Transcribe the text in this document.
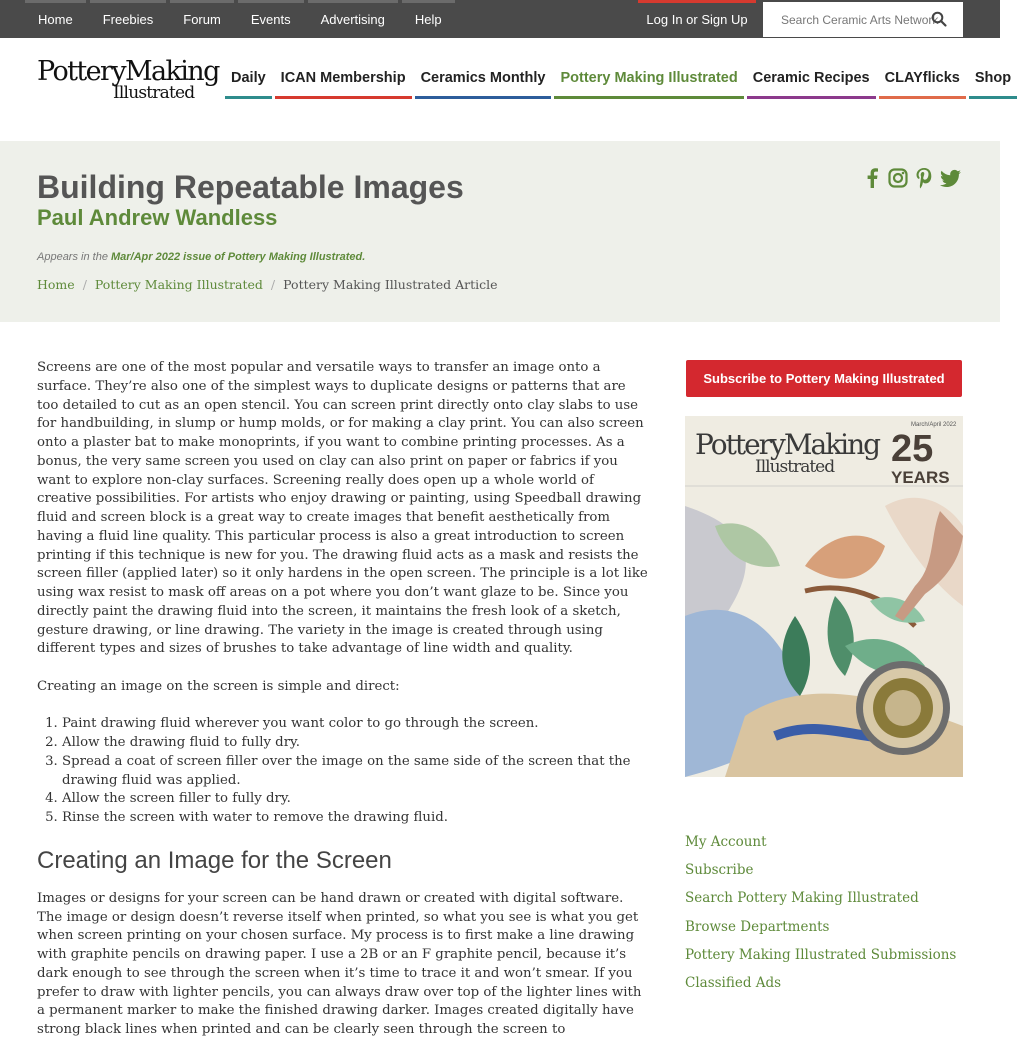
Home	Freebies	Forum	Events	Advertising	Help	Log In or Sign Up
Search Ceramic Arts Network
PotteryMaking
Illustrated
Daily ICAN Membership Ceramics Monthly Pottery Making Illustrated Ceramic Recipes CLAYflicks Shop
Building Repeatable Images
Paul Andrew Wandless
Appears in the Mar/Apr 2022 issue of Pottery Making Illustrated.
Home / Pottery Making Illustrated / Pottery Making Illustrated Article

Screens are one of the most popular and versatile ways to transfer an image onto a surface. They’re also one of the simplest ways to duplicate designs or patterns that are too detailed to cut as an open stencil. You can screen print directly onto clay slabs to use for handbuilding, in slump or hump molds, or for making a clay print. You can also screen onto a plaster bat to make monoprints, if you want to combine printing processes. As a bonus, the very same screen you used on clay can also print on paper or fabrics if you want to explore non-clay surfaces. Screening really does open up a whole world of creative possibilities. For artists who enjoy drawing or painting, using Speedball drawing fluid and screen block is a great way to create images that benefit aesthetically from having a fluid line quality. This particular process is also a great introduction to screen printing if this technique is new for you. The drawing fluid acts as a mask and resists the screen filler (applied later) so it only hardens in the open screen. The principle is a lot like using wax resist to mask off areas on a pot where you don’t want glaze to be. Since you directly paint the drawing fluid into the screen, it maintains the fresh look of a sketch, gesture drawing, or line drawing. The variety in the image is created through using different types and sizes of brushes to take advantage of line width and quality.

Creating an image on the screen is simple and direct:

1. Paint drawing fluid wherever you want color to go through the screen.
2. Allow the drawing fluid to fully dry.
3. Spread a coat of screen filler over the image on the same side of the screen that the drawing fluid was applied.
4. Allow the screen filler to fully dry.
5. Rinse the screen with water to remove the drawing fluid.
Creating an Image for the Screen

Images or designs for your screen can be hand drawn or created with digital software. The image or design doesn’t reverse itself when printed, so what you see is what you get when screen printing on your chosen surface. My process is to first make a line drawing with graphite pencils on drawing paper. I use a 2B or an F graphite pencil, because it’s dark enough to see through the screen when it’s time to trace it and won’t smear. If you prefer to draw with lighter pencils, you can always draw over top of the lighter lines with a permanent marker to make the finished drawing darker. Images created digitally have strong black lines when printed and can be clearly seen through the screen to

Subscribe to Pottery Making Illustrated
PotteryMaking
Illustrated
March/April 2022
25
YEARS
My Account
Subscribe
Search Pottery Making Illustrated
Browse Departments
Pottery Making Illustrated Submissions
Classified Ads
